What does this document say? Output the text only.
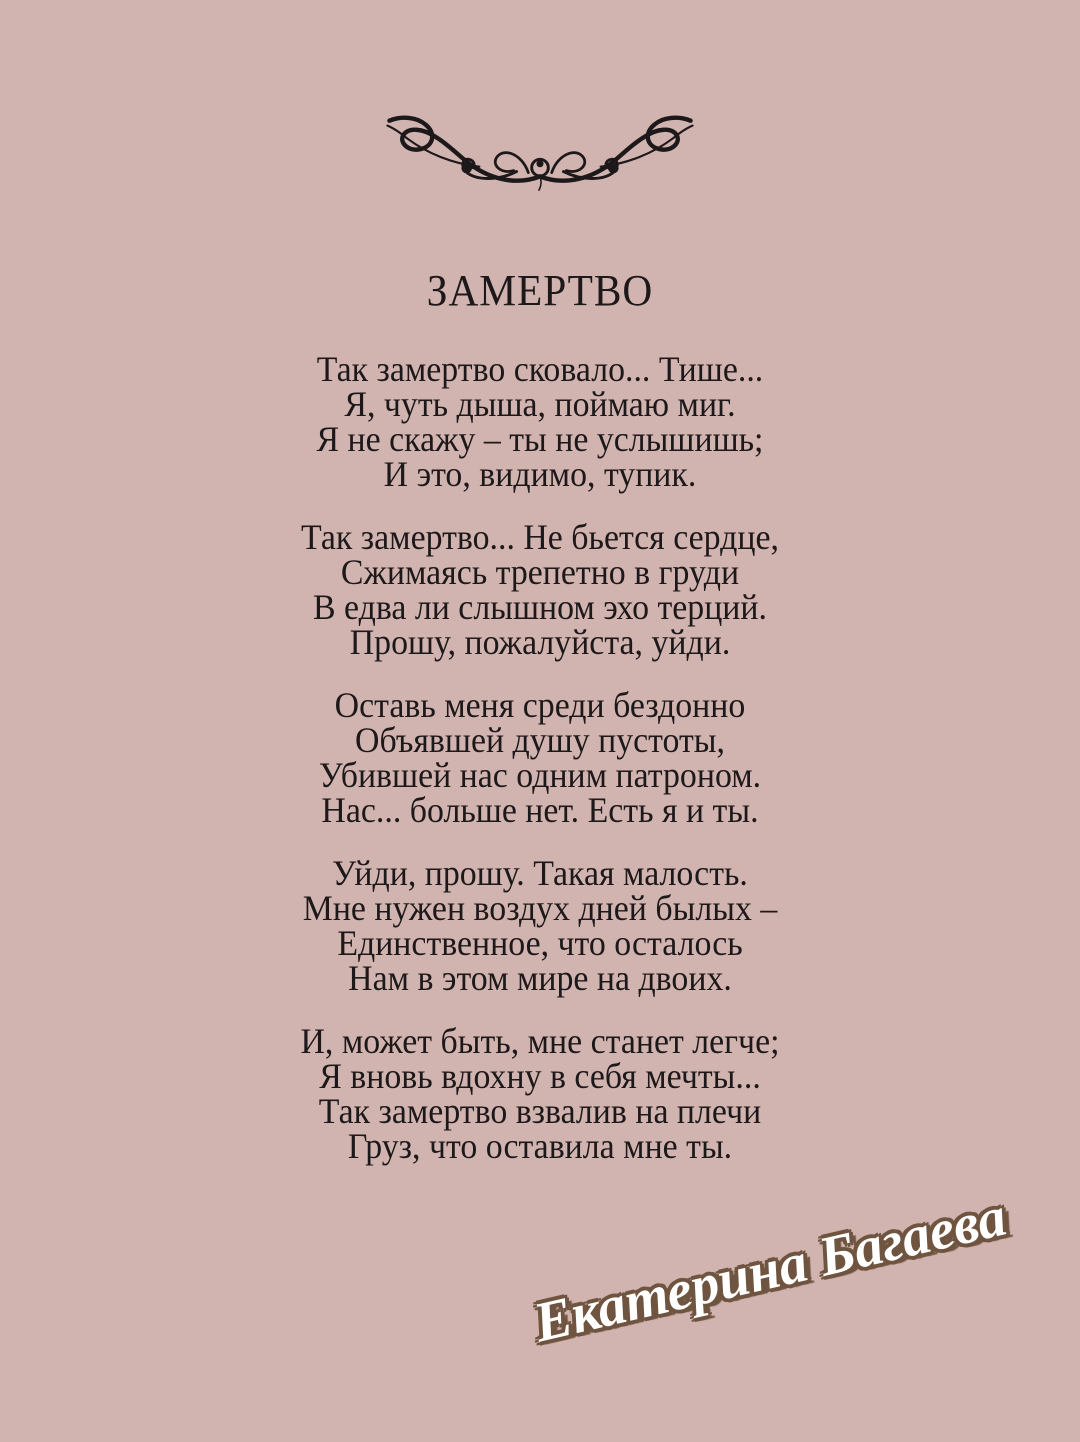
ЗАМЕРТВО
Так замертво сковало... Тише...
Я, чуть дыша, поймаю миг.
Я не скажу – ты не услышишь;
И это, видимо, тупик.
Так замертво... Не бьется сердце,
Сжимаясь трепетно в груди
В едва ли слышном эхо терций.
Прошу, пожалуйста, уйди.
Оставь меня среди бездонно
Объявшей душу пустоты,
Убившей нас одним патроном.
Нас... больше нет. Есть я и ты.
Уйди, прошу. Такая малость.
Мне нужен воздух дней былых –
Единственное, что осталось
Нам в этом мире на двоих.
И, может быть, мне станет легче;
Я вновь вдохну в себя мечты...
Так замертво взвалив на плечи
Груз, что оставила мне ты.
Екатерина Багаева
